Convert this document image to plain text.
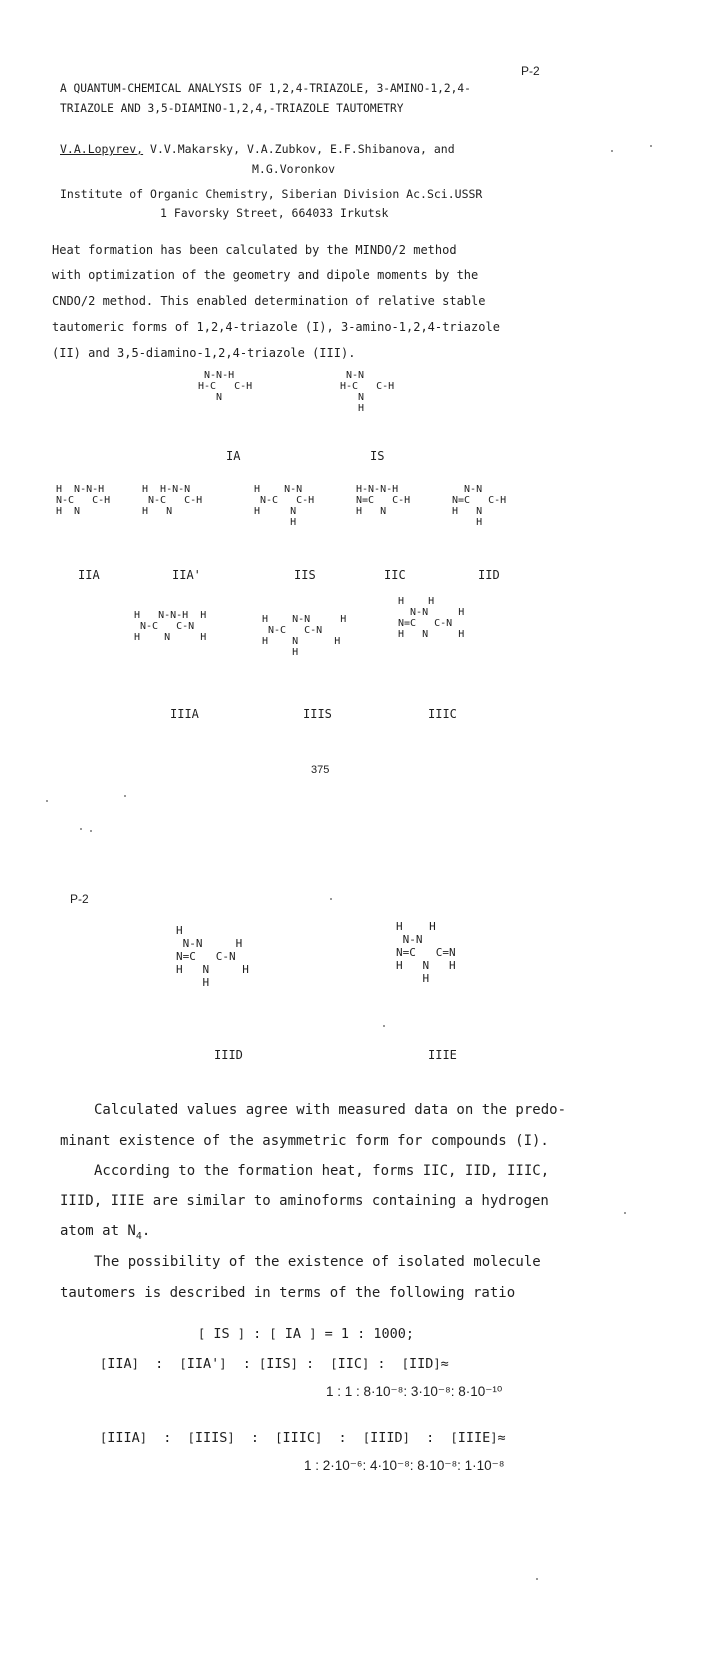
P-2
A QUANTUM-CHEMICAL ANALYSIS OF 1,2,4-TRIAZOLE, 3-AMINO-1,2,4-
TRIAZOLE AND 3,5-DIAMINO-1,2,4,-TRIAZOLE TAUTOMETRY
V.A.Lopyrev, V.V.Makarsky, V.A.Zubkov, E.F.Shibanova, and
M.G.Voronkov
Institute of Organic Chemistry, Siberian Division Ac.Sci.USSR
1 Favorsky Street, 664033 Irkutsk
Heat formation has been calculated by the MINDO/2 method
with optimization of the geometry and dipole moments by the
CNDO/2 method. This enabled determination of relative stable
tautomeric forms of 1,2,4-triazole (I), 3-amino-1,2,4-triazole
(II) and 3,5-diamino-1,2,4-triazole (III).
N-N-H
H-C   C-H
N
IA
N-N
H-C   C-H
N
H
IS
H  N-N-H
N-C   C-H
H  N
IIA
H  H-N-N
N-C   C-H
H   N
IIA'
H    N-N
N-C   C-H
H     N
H
IIS
H-N-N-H
N=C   C-H
H   N
IIC
N-N
N=C   C-H
H   N
H
IID
H   N-N-H  H
N-C   C-N
H    N     H
IIIA
H    N-N     H
N-C   C-N
H    N      H
H
IIIS
H    H
N-N     H
N=C   C-N
H   N     H
IIIC
375
P-2
H
N-N     H
N=C   C-N
H   N     H
H
IIID
H    H
N-N
N=C   C=N
H   N   H
H
IIIE
Calculated values agree with measured data on the predo-
minant existence of the asymmetric form for compounds (I).
According to the formation heat, forms IIC, IID, IIIC,
IIID, IIIE are similar to aminoforms containing a hydrogen
atom at $N_4$.
The possibility of the existence of isolated molecule
tautomers is described in terms of the following ratio
[ IS ] : [ IA ] = 1 : 1000;
[IIA]  :  [IIA']  : [IIS] :  [IIC] :  [IID]≈
1 : 1 : 8·10⁻⁸: 3·10⁻⁸: 8·10⁻¹⁰
[IIIA]  :  [IIIS]  :  [IIIC]  :  [IIID]  :  [IIIE]≈
1 : 2·10⁻⁶: 4·10⁻⁸: 8·10⁻⁸: 1·10⁻⁸
